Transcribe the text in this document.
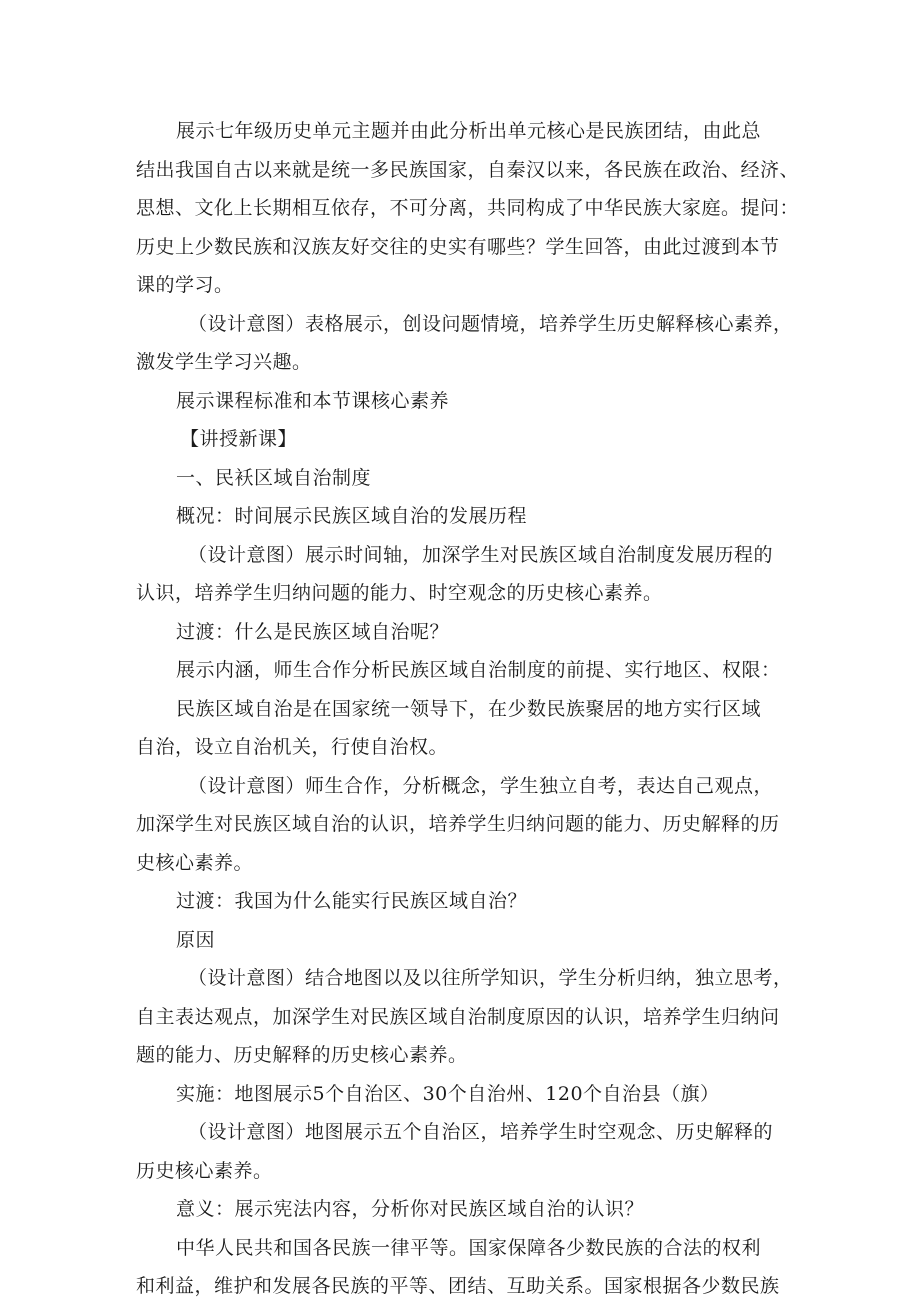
展示七年级历史单元主题并由此分析出单元核心是民族团结，由此总
结出我国自古以来就是统一多民族国家，自秦汉以来，各民族在政治、经济、
思想、文化上长期相互依存，不可分离，共同构成了中华民族大家庭。提问：
历史上少数民族和汉族友好交往的史实有哪些？学生回答，由此过渡到本节
课的学习。
（设计意图）表格展示，创设问题情境，培养学生历史解释核心素养，
激发学生学习兴趣。
展示课程标准和本节课核心素养
【讲授新课】
一、民袄区域自治制度
概况：时间展示民族区域自治的发展历程
（设计意图）展示时间轴，加深学生对民族区域自治制度发展历程的
认识，培养学生归纳问题的能力、时空观念的历史核心素养。
过渡：什么是民族区域自治呢？
展示内涵，师生合作分析民族区域自治制度的前提、实行地区、权限：
民族区域自治是在国家统一领导下，在少数民族聚居的地方实行区域
自治，设立自治机关，行使自治权。
（设计意图）师生合作，分析概念，学生独立自考，表达自己观点，
加深学生对民族区域自治的认识，培养学生归纳问题的能力、历史解释的历
史核心素养。
过渡：我国为什么能实行民族区域自治？
原因
（设计意图）结合地图以及以往所学知识，学生分析归纳，独立思考，
自主表达观点，加深学生对民族区域自治制度原因的认识，培养学生归纳问
题的能力、历史解释的历史核心素养。
实施：地图展示5个自治区、30个自治州、120个自治县（旗）
（设计意图）地图展示五个自治区，培养学生时空观念、历史解释的
历史核心素养。
意义：展示宪法内容，分析你对民族区域自治的认识？
中华人民共和国各民族一律平等。国家保障各少数民族的合法的权利
和利益，维护和发展各民族的平等、团结、互助关系。国家根据各少数民族
